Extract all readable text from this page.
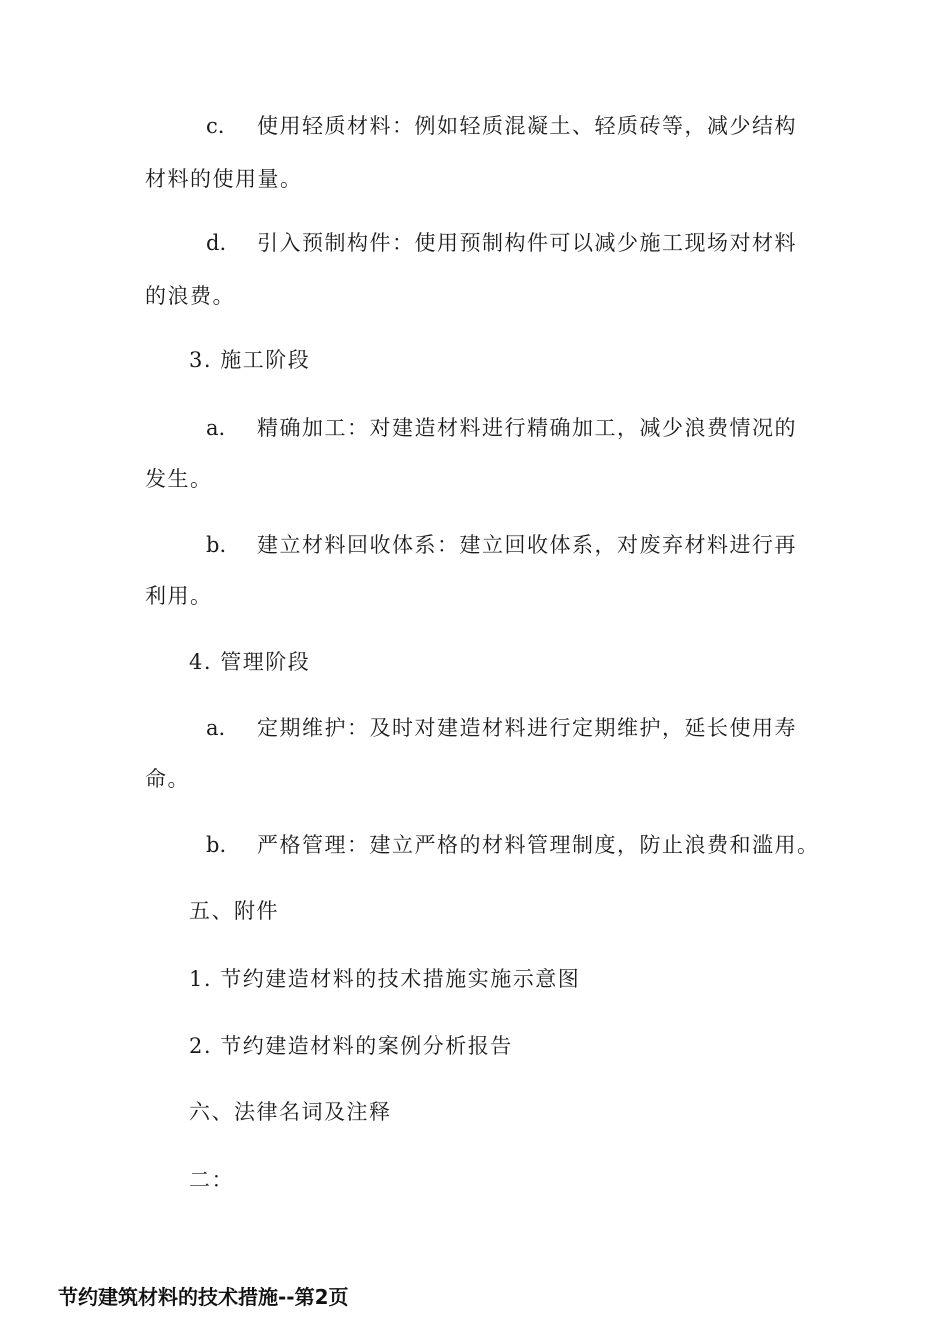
c. 使用轻质材料：例如轻质混凝土、轻质砖等，减少结构
材料的使用量。
d. 引入预制构件：使用预制构件可以减少施工现场对材料
的浪费。
3. 施工阶段
a. 精确加工：对建造材料进行精确加工，减少浪费情况的
发生。
b. 建立材料回收体系：建立回收体系，对废弃材料进行再
利用。
4. 管理阶段
a. 定期维护：及时对建造材料进行定期维护，延长使用寿
命。
b. 严格管理：建立严格的材料管理制度，防止浪费和滥用。
五、附件
1. 节约建造材料的技术措施实施示意图
2. 节约建造材料的案例分析报告
六、法律名词及注释
二：
节约建筑材料的技术措施--第2页
